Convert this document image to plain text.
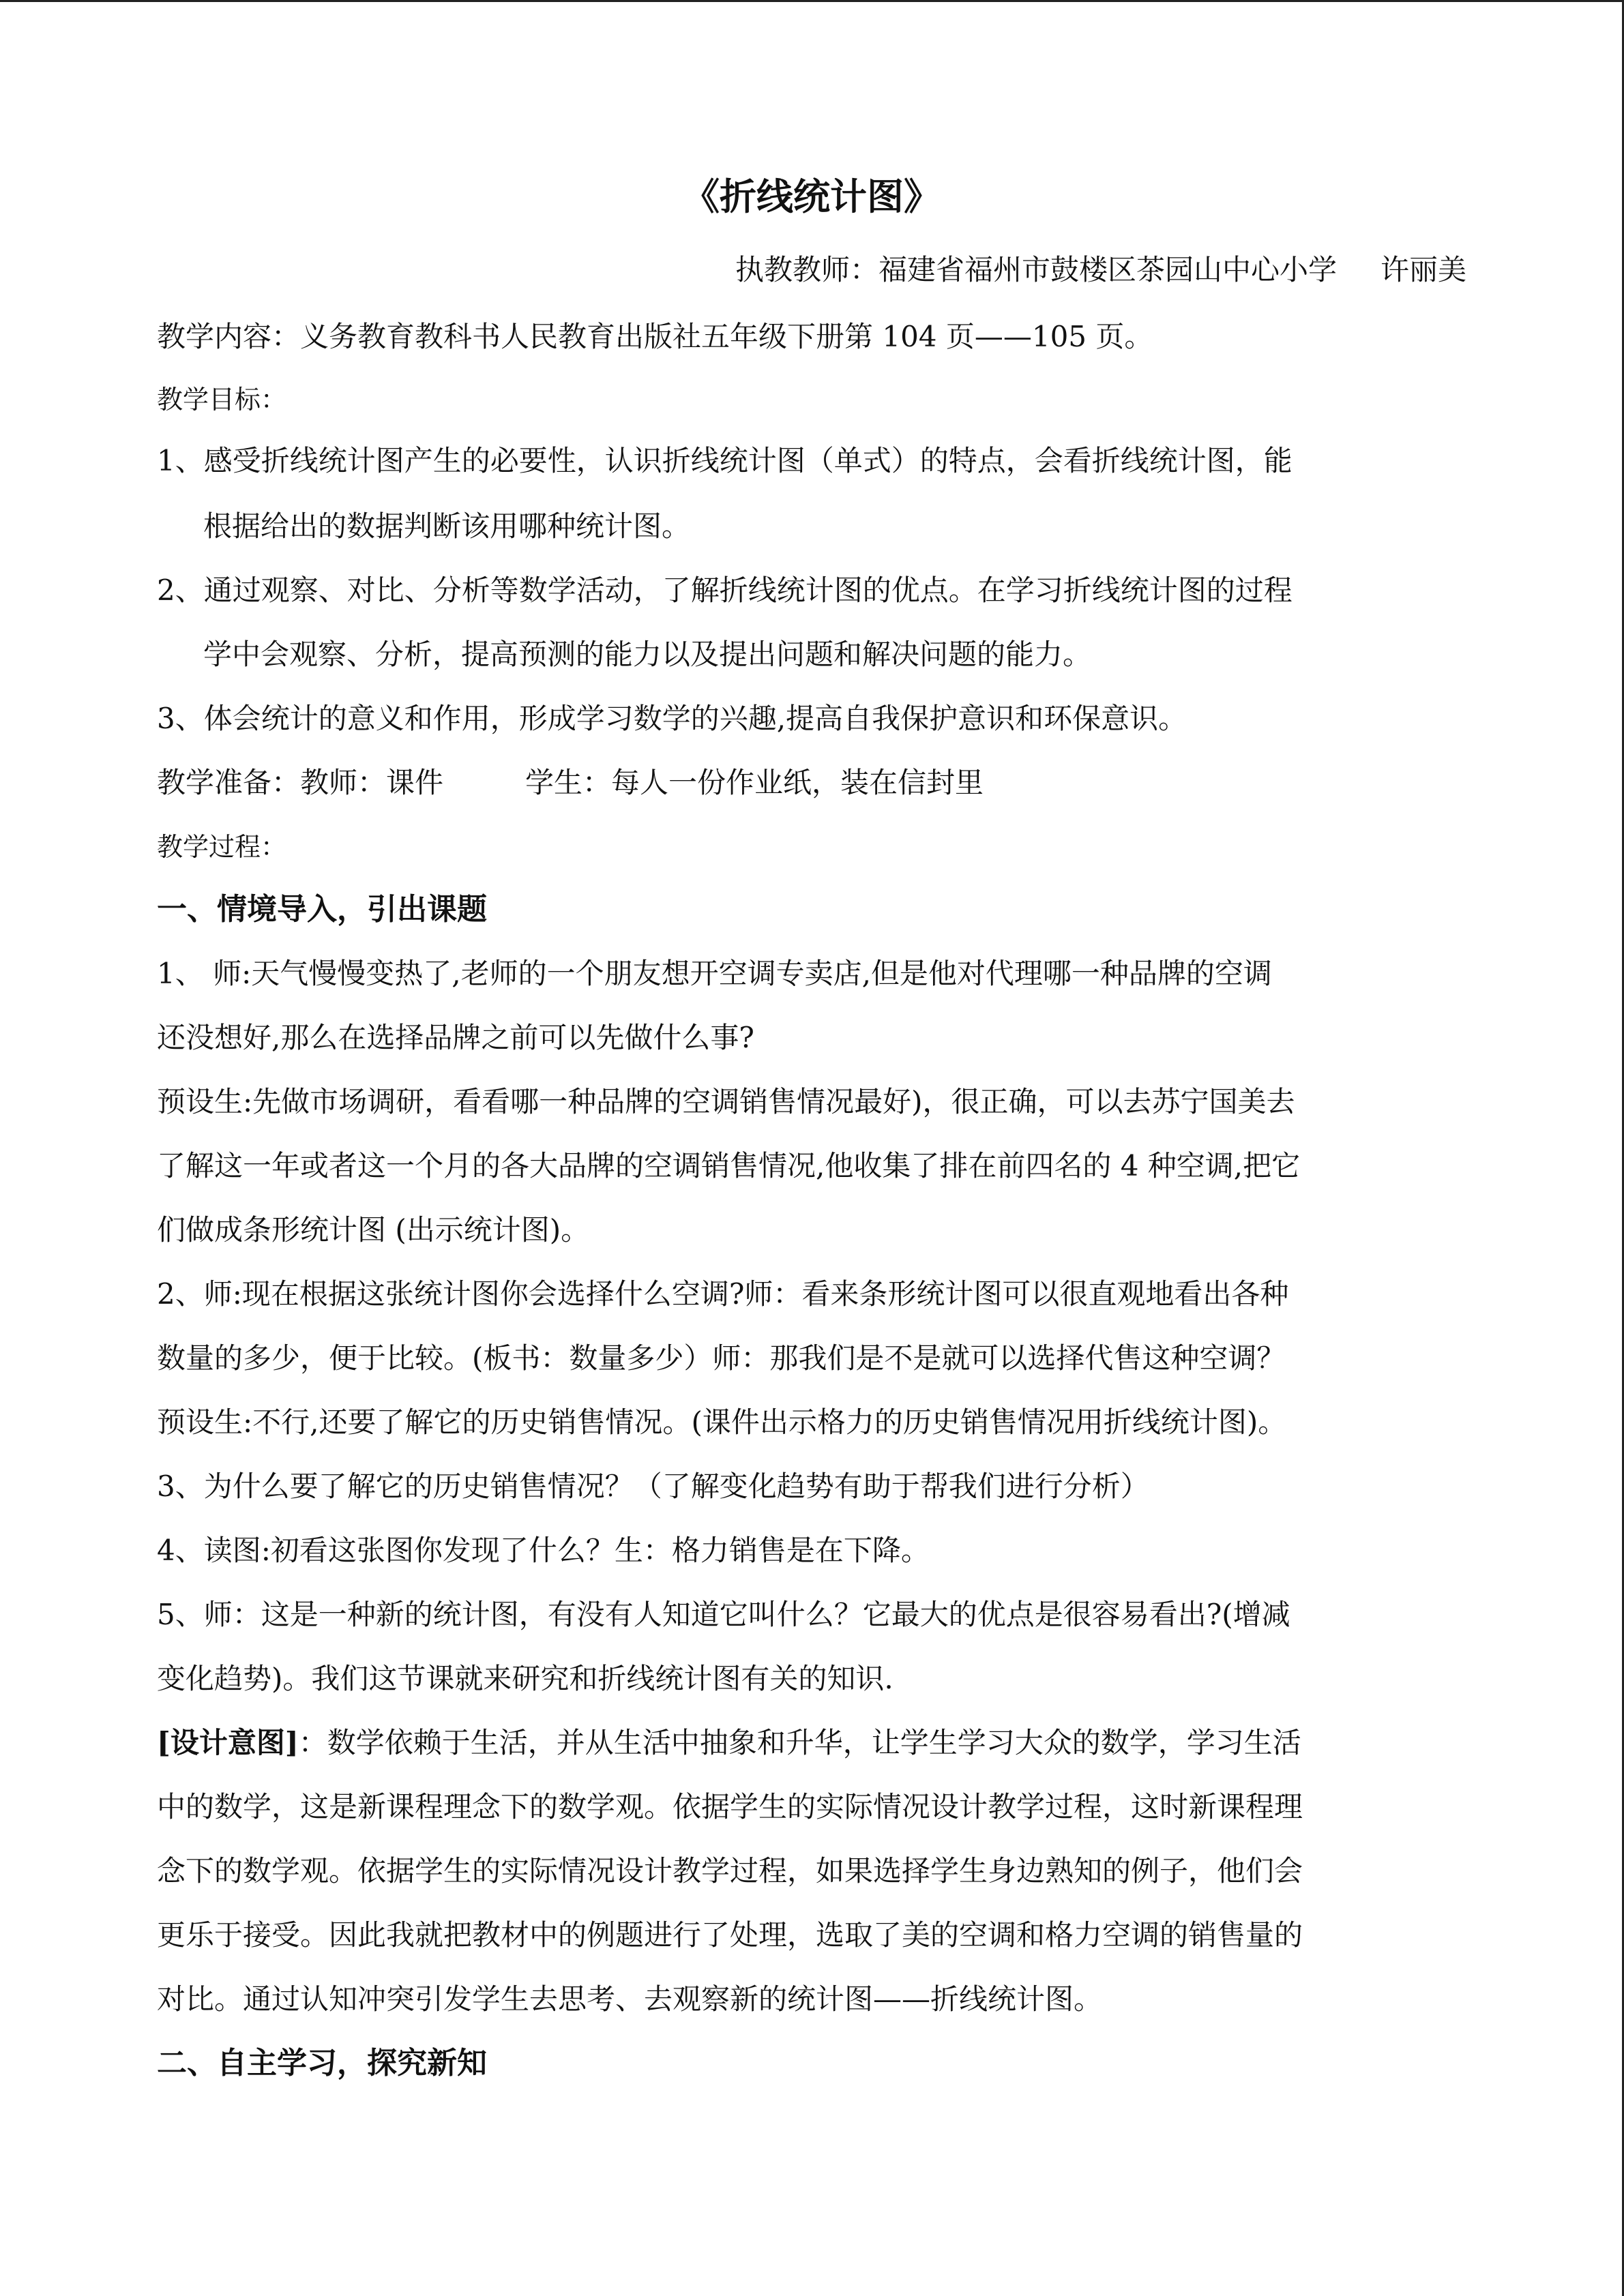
《折线统计图》
执教教师：福建省福州市鼓楼区茶园山中心小学 许丽美
教学内容：义务教育教科书人民教育出版社五年级下册第 104 页——105 页。
教学目标：
1、感受折线统计图产生的必要性，认识折线统计图（单式）的特点，会看折线统计图，能
根据给出的数据判断该用哪种统计图。
2、通过观察、对比、分析等数学活动，了解折线统计图的优点。在学习折线统计图的过程
学中会观察、分析，提高预测的能力以及提出问题和解决问题的能力。
3、体会统计的意义和作用，形成学习数学的兴趣,提高自我保护意识和环保意识。
教学准备：教师：课件	学生：每人一份作业纸，装在信封里
教学过程：
一、情境导入，引出课题
1、 师:天气慢慢变热了,老师的一个朋友想开空调专卖店,但是他对代理哪一种品牌的空调
还没想好,那么在选择品牌之前可以先做什么事?
预设生:先做市场调研，看看哪一种品牌的空调销售情况最好)，很正确，可以去苏宁国美去
了解这一年或者这一个月的各大品牌的空调销售情况,他收集了排在前四名的 4 种空调,把它
们做成条形统计图 (出示统计图)。
2、师:现在根据这张统计图你会选择什么空调?师：看来条形统计图可以很直观地看出各种
数量的多少，便于比较。(板书：数量多少）师：那我们是不是就可以选择代售这种空调？
预设生:不行,还要了解它的历史销售情况。(课件出示格力的历史销售情况用折线统计图)。
3、为什么要了解它的历史销售情况？（了解变化趋势有助于帮我们进行分析）
4、读图:初看这张图你发现了什么？生：格力销售是在下降。
5、师：这是一种新的统计图，有没有人知道它叫什么？它最大的优点是很容易看出?(增减
变化趋势)。我们这节课就来研究和折线统计图有关的知识.
[设计意图]：数学依赖于生活，并从生活中抽象和升华，让学生学习大众的数学，学习生活
中的数学，这是新课程理念下的数学观。依据学生的实际情况设计教学过程，这时新课程理
念下的数学观。依据学生的实际情况设计教学过程，如果选择学生身边熟知的例子，他们会
更乐于接受。因此我就把教材中的例题进行了处理，选取了美的空调和格力空调的销售量的
对比。通过认知冲突引发学生去思考、去观察新的统计图——折线统计图。
二、自主学习，探究新知
